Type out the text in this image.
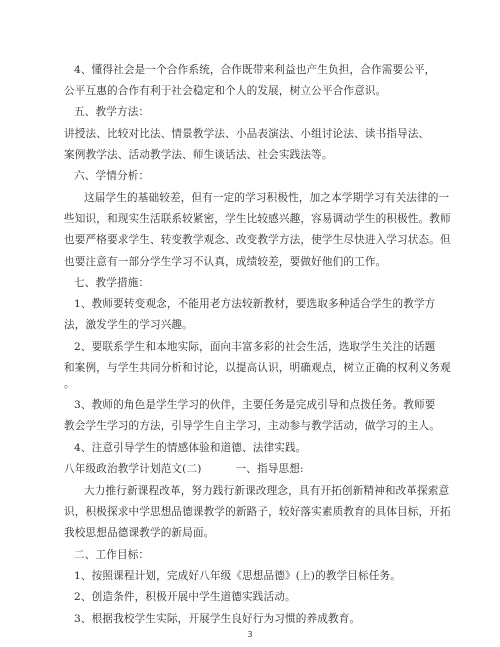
4、懂得社会是一个合作系统，合作既带来利益也产生负担，合作需要公平，
公平互惠的合作有利于社会稳定和个人的发展，树立公平合作意识。
五、教学方法：
讲授法、比较对比法、情景教学法、小品表演法、小组讨论法、读书指导法、
案例教学法、活动教学法、师生谈话法、社会实践法等。
六、学情分析：
这届学生的基础较差，但有一定的学习积极性，加之本学期学习有关法律的一
些知识，和现实生活联系较紧密，学生比较感兴趣，容易调动学生的积极性。教师
也要严格要求学生、转变教学观念、改变教学方法，使学生尽快进入学习状态。但
也要注意有一部分学生学习不认真，成绩较差，要做好他们的工作。
七、教学措施：
1、教师要转变观念，不能用老方法较新教材，要选取多种适合学生的教学方
法，激发学生的学习兴趣。
2、要联系学生和本地实际，面向丰富多彩的社会生活，选取学生关注的话题
和案例，与学生共同分析和讨论，以提高认识，明确观点，树立正确的权利义务观
。
3、教师的角色是学生学习的伙伴，主要任务是完成引导和点拨任务。教师要
教会学生学习的方法，引导学生自主学习，主动参与教学活动，做学习的主人。
4、注意引导学生的情感体验和道德、法律实践。
八年级政治教学计划范文(二)	一、指导思想:
大力推行新课程改革，努力践行新课改理念，具有开拓创新精神和改革探索意
识，积极探求中学思想品德课教学的新路子，较好落实素质教育的具体目标，开拓
我校思想品德课教学的新局面。
二、工作目标：
1、按照课程计划，完成好八年级《思想品德》(上)的教学目标任务。
2、创造条件，积极开展中学生道德实践活动。
3、根据我校学生实际，开展学生良好行为习惯的养成教育。
3
